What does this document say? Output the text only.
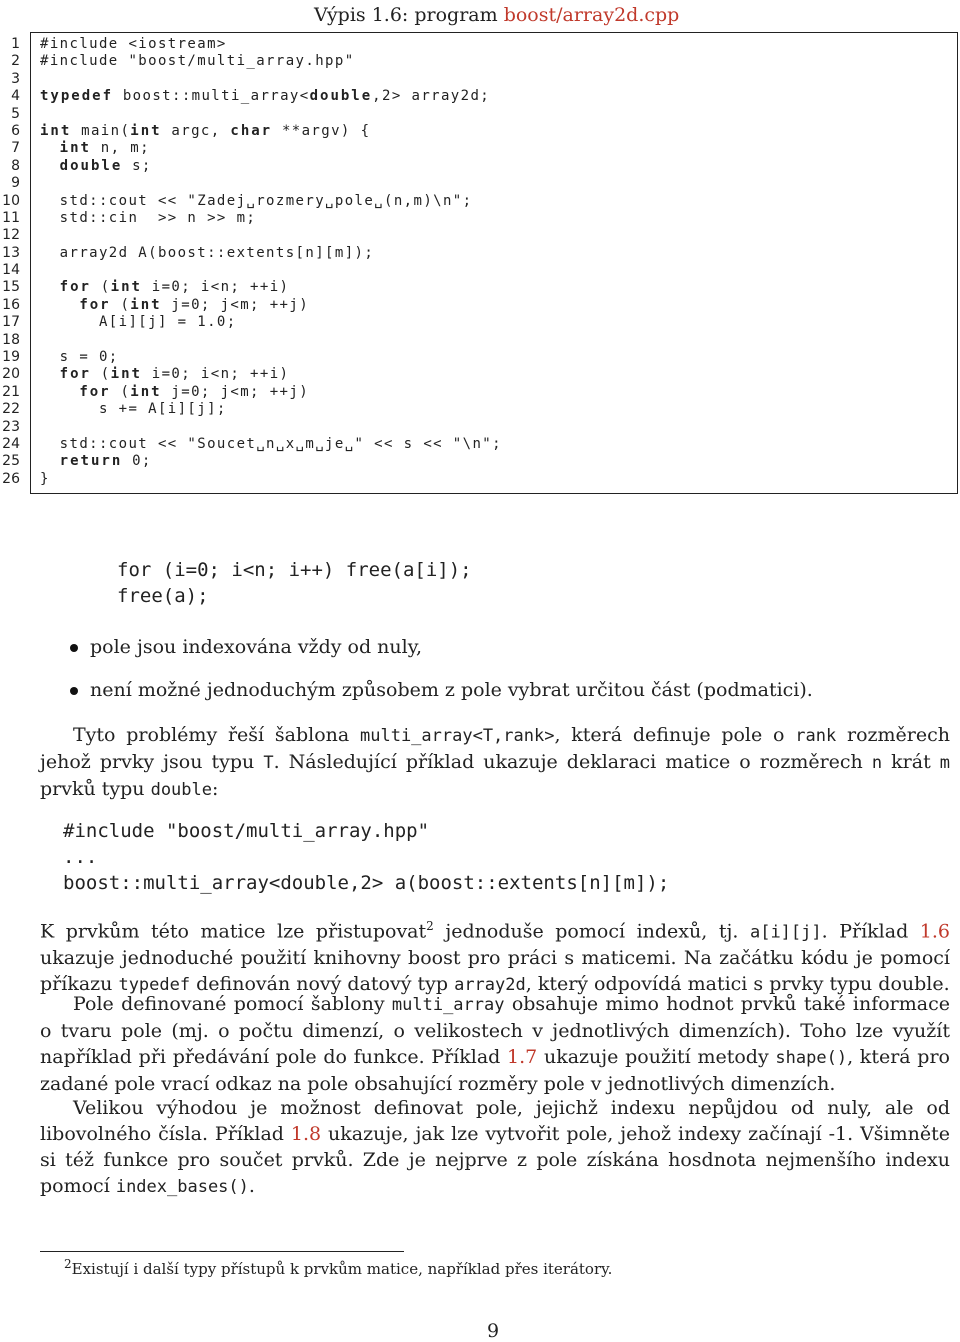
Výpis 1.6: program boost/array2d.cpp
1
2
3
4
5
6
7
8
9
10
11
12
13
14
15
16
17
18
19
20
21
22
23
24
25
26
#include <iostream>
#include "boost/multi_array.hpp"
typedef boost::multi_array<double,2> array2d;
int main(int argc, char **argv) {
int n, m;
double s;
std::cout << "Zadej␣rozmery␣pole␣(n,m)\n";
std::cin  >> n >> m;
array2d A(boost::extents[n][m]);
for (int i=0; i<n; ++i)
for (int j=0; j<m; ++j)
A[i][j] = 1.0;
s = 0;
for (int i=0; i<n; ++i)
for (int j=0; j<m; ++j)
s += A[i][j];
std::cout << "Soucet␣n␣x␣m␣je␣" << s << "\n";
return 0;
}
for (i=0; i<n; i++) free(a[i]);
free(a);
pole jsou indexována vždy od nuly,
není možné jednoduchým způsobem z pole vybrat určitou část (podmatici).
Tyto problémy řeší šablona multi_array<T,rank>, která definuje pole o rank rozměrech jehož prvky jsou typu T. Následující příklad ukazuje deklaraci matice o rozměrech n krát m prvků typu double:
#include "boost/multi_array.hpp"
...
boost::multi_array<double,2> a(boost::extents[n][m]);
K prvkům této matice lze přistupovat$^2$ jednoduše pomocí indexů, tj. a[i][j]. Příklad 1.6 ukazuje jednoduché použití knihovny boost pro práci s maticemi. Na začátku kódu je pomocí příkazu typedef definován nový datový typ array2d, který odpovídá matici s prvky typu double.
Pole definované pomocí šablony multi_array obsahuje mimo hodnot prvků také informace o tvaru pole (mj. o počtu dimenzí, o velikostech v jednotlivých dimenzích). Toho lze využít například při předávání pole do funkce. Příklad 1.7 ukazuje použití metody shape(), která pro zadané pole vrací odkaz na pole obsahující rozměry pole v jednotlivých dimenzích.
Velikou výhodou je možnost definovat pole, jejichž indexu nepůjdou od nuly, ale od libovolného čísla. Příklad 1.8 ukazuje, jak lze vytvořit pole, jehož indexy začínají -1. Všimněte si též funkce pro součet prvků. Zde je nejprve z pole získána hosdnota nejmenšího indexu pomocí index_bases().
$^2$Existují i další typy přístupů k prvkům matice, například přes iterátory.
9
